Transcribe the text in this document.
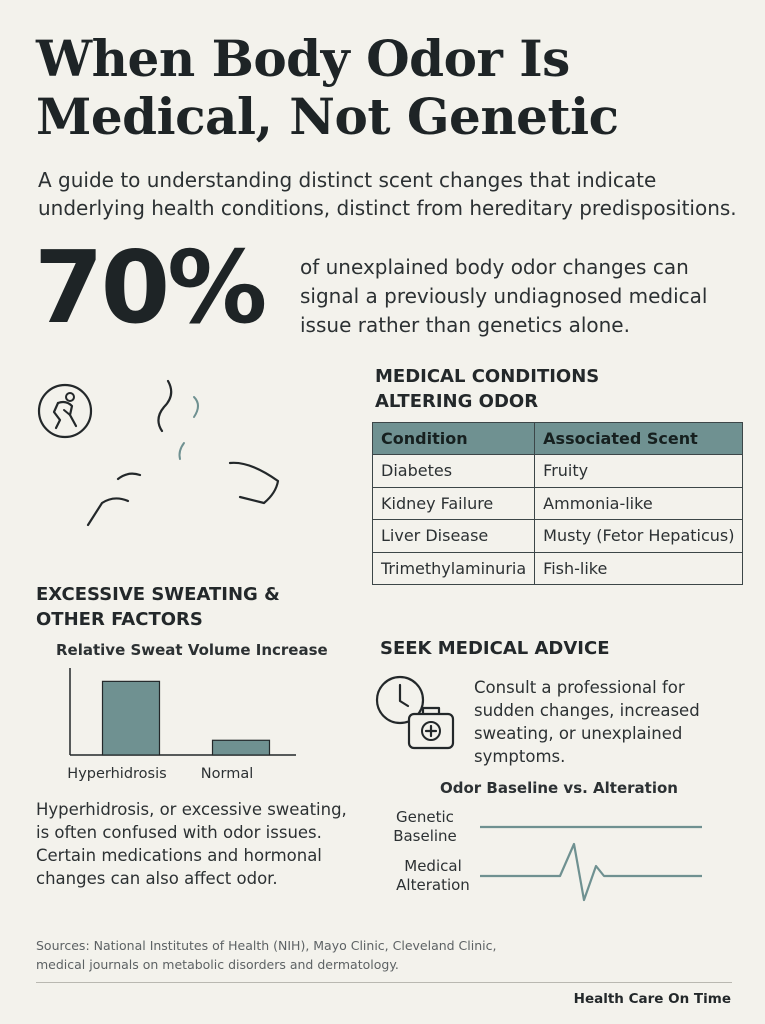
When Body Odor Is
Medical, Not Genetic
A guide to understanding distinct scent changes that indicate
underlying health conditions, distinct from hereditary predispositions.
70% of unexplained body odor changes can
signal a previously undiagnosed medical
issue rather than genetics alone.
MEDICAL CONDITIONS
ALTERING ODOR
Condition	Associated Scent
Diabetes	Fruity
Kidney Failure	Ammonia-like
Liver Disease	Musty (Fetor Hepaticus)
Trimethylaminuria	Fish-like
EXCESSIVE SWEATING &
OTHER FACTORS
Relative Sweat Volume Increase
Hyperhidrosis Normal
Hyperhidrosis, or excessive sweating,
is often confused with odor issues.
Certain medications and hormonal
changes can also affect odor.
SEEK MEDICAL ADVICE
Consult a professional for
sudden changes, increased
sweating, or unexplained
symptoms.
Odor Baseline vs. Alteration
Genetic
Baseline
Medical
Alteration
Sources: National Institutes of Health (NIH), Mayo Clinic, Cleveland Clinic,
medical journals on metabolic disorders and dermatology.
Health Care On Time
